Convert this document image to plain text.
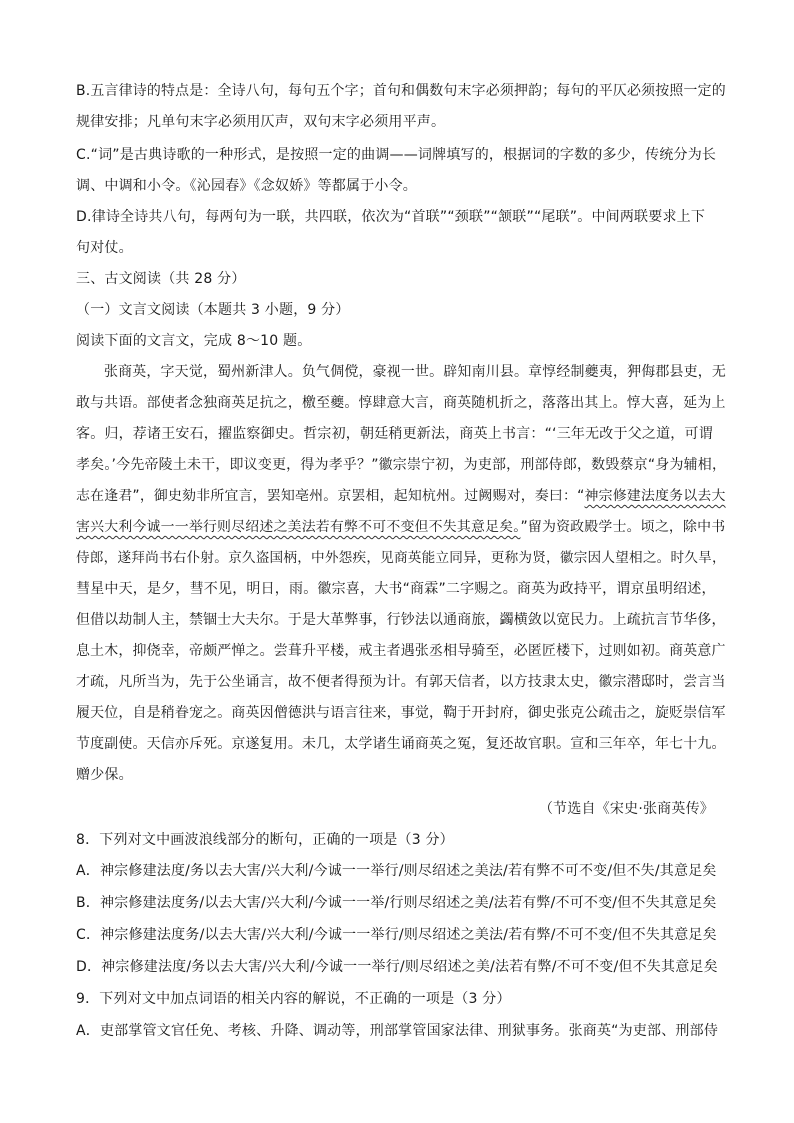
B.五言律诗的特点是：全诗八句，每句五个字；首句和偶数句末字必须押韵；每句的平仄必须按照一定的
规律安排；凡单句末字必须用仄声，双句末字必须用平声。
C.“词”是古典诗歌的一种形式，是按照一定的曲调——词牌填写的，根据词的字数的多少，传统分为长
调、中调和小令。《沁园春》《念奴娇》等都属于小令。
D.律诗全诗共八句，每两句为一联，共四联，依次为“首联”“颈联”“颔联”“尾联”。中间两联要求上下
句对仗。
三、古文阅读（共 28 分）
（一）文言文阅读（本题共 3 小题，9 分）
阅读下面的文言文，完成 8～10 题。
张商英，字天觉，蜀州新津人。负气倜傥，豪视一世。辟知南川县。章惇经制夔夷，狎侮郡县吏，无
敢与共语。部使者念独商英足抗之，檄至夔。惇肆意大言，商英随机折之，落落出其上。惇大喜，延为上
客。归，荐诸王安石，擢监察御史。哲宗初，朝廷稍更新法，商英上书言：“‘三年无改于父之道，可谓
孝矣。’今先帝陵土未干，即议变更，得为孝乎？”徽宗崇宁初，为吏部，刑部侍郎，数毁蔡京“身为辅相，
志在逢君”，御史劾非所宜言，罢知亳州。京罢相，起知杭州。过阙赐对，奏曰：“神宗修建法度务以去大
害兴大利今诚一一举行则尽绍述之美法若有弊不可不变但不失其意足矣。”留为资政殿学士。顷之，除中书
侍郎，遂拜尚书右仆射。京久盗国柄，中外怨疾，见商英能立同异，更称为贤，徽宗因人望相之。时久旱，
彗星中天，是夕，彗不见，明日，雨。徽宗喜，大书“商霖”二字赐之。商英为政持平，谓京虽明绍述，
但借以劫制人主，禁锢士大夫尔。于是大革弊事，行钞法以通商旅，蠲横敛以宽民力。上疏抗言节华侈，
息土木，抑侥幸，帝颇严惮之。尝葺升平楼，戒主者遇张丞相导骑至，必匿匠楼下，过则如初。商英意广
才疏，凡所当为，先于公坐诵言，故不便者得预为计。有郭天信者，以方技隶太史，徽宗潜邸时，尝言当
履天位，自是稍眷宠之。商英因僧德洪与语言往来，事觉，鞫于开封府，御史张克公疏击之，旋贬崇信军
节度副使。天信亦斥死。京遂复用。未几，太学诸生诵商英之冤，复还故官职。宣和三年卒，年七十九。
赠少保。
（节选自《宋史·张商英传》
8．下列对文中画波浪线部分的断句，正确的一项是（3 分）
A．神宗修建法度/务以去大害/兴大利/今诚一一举行/则尽绍述之美法/若有弊不可不变/但不失/其意足矣
B．神宗修建法度务/以去大害/兴大利/今诚一一举/行则尽绍述之美/法若有弊/不可不变/但不失其意足矣
C．神宗修建法度务/以去大害/兴大利/今诚一一举行/则尽绍述之美法/若有弊/不可不变/但不失其意足矣
D．神宗修建法度/务以去大害/兴大利/今诚一一举行/则尽绍述之美/法若有弊/不可不变/但不失其意足矣
9．下列对文中加点词语的相关内容的解说，不正确的一项是（3 分）
A．吏部掌管文官任免、考核、升降、调动等，刑部掌管国家法律、刑狱事务。张商英“为吏部、刑部侍
